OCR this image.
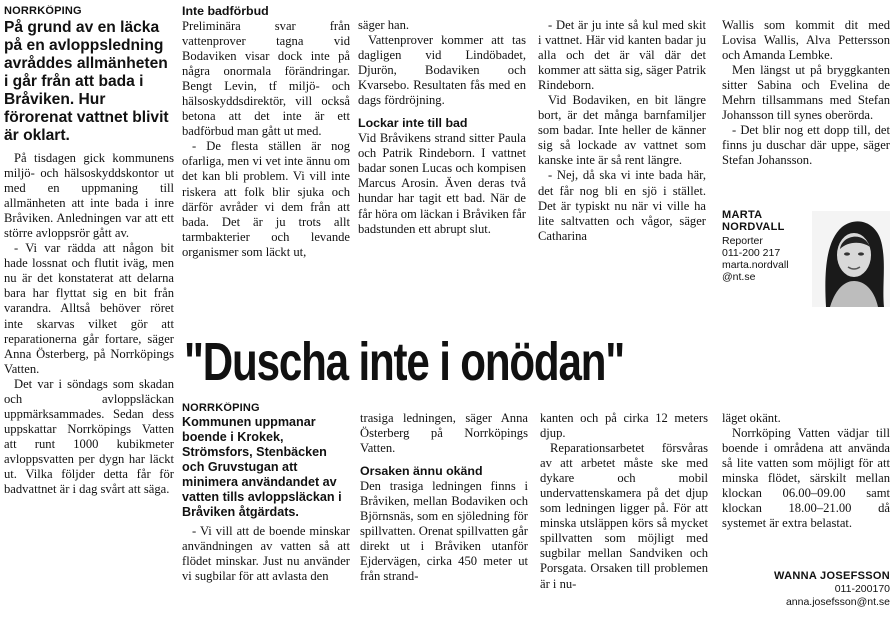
NORRKÖPING

På grund av en läcka på en avloppsledning avråddes allmänheten i går från att bada i Bråviken. Hur förorenat vattnet blivit är oklart.

På tisdagen gick kommunens miljö- och hälsoskyddskontor ut med en uppmaning till allmänheten att inte bada i inre Bråviken. Anledningen var att ett större avloppsrör gått av.

- Vi var rädda att någon bit hade lossnat och flutit iväg, men nu är det konstaterat att delarna bara har flyttat sig en bit från varandra. Alltså behöver röret inte skarvas vilket gör att reparationerna går fortare, säger Anna Österberg, på Norrköpings Vatten.

Det var i söndags som skadan och avloppsläckan uppmärksammades. Sedan dess uppskattar Norrköpings Vatten att runt 1000 kubikmeter avloppsvatten per dygn har läckt ut. Vilka följder detta får för badvattnet är i dag svårt att säga.

Inte badförbud

Preliminära svar från vattenprover tagna vid Bodaviken visar dock inte på några onormala förändringar. Bengt Levin, tf miljö- och hälsoskyddsdirektör, vill också betona att det inte är ett badförbud man gått ut med.

- De flesta ställen är nog ofarliga, men vi vet inte ännu om det kan bli problem. Vi vill inte riskera att folk blir sjuka och därför avråder vi dem från att bada. Det är ju trots allt tarmbakterier och levande organismer som läckt ut,

säger han.

Vattenprover kommer att tas dagligen vid Lindöbadet, Djurön, Bodaviken och Kvarsebo. Resultaten fås med en dags fördröjning.

Lockar inte till bad

Vid Bråvikens strand sitter Paula och Patrik Rindeborn. I vattnet badar sonen Lucas och kompisen Marcus Arosin. Även deras två hundar har tagit ett bad. När de får höra om läckan i Bråviken får badstunden ett abrupt slut.

- Det är ju inte så kul med skit i vattnet. Här vid kanten badar ju alla och det är väl där det kommer att sätta sig, säger Patrik Rindeborn.

Vid Bodaviken, en bit längre bort, är det många barnfamiljer som badar. Inte heller de känner sig så lockade av vattnet som kanske inte är så rent längre.

- Nej, då ska vi inte bada här, det får nog bli en sjö i stället. Det är typiskt nu när vi ville ha lite saltvatten och vågor, säger Catharina

Wallis som kommit dit med Lovisa Wallis, Alva Pettersson och Amanda Lembke.

Men längst ut på bryggkanten sitter Sabina och Evelina de Mehrn tillsammans med Stefan Johansson till synes oberörda.

- Det blir nog ett dopp till, det finns ju duschar där uppe, säger Stefan Johansson.

MARTA

NORDVALL

Reporter

011-200 217

marta.nordvall

@nt.se

"Duscha inte i onödan"

NORRKÖPING

Kommunen uppmanar boende i Krokek, Strömsfors, Stenbäcken och Gruvstugan att minimera användandet av vatten tills avloppsläckan i Bråviken åtgärdats.

- Vi vill att de boende minskar användningen av vatten så att flödet minskar. Just nu använder vi sugbilar för att avlasta den

trasiga ledningen, säger Anna Österberg på Norrköpings Vatten.

Orsaken ännu okänd

Den trasiga ledningen finns i Bråviken, mellan Bodaviken och Björnsnäs, som en sjöledning för spillvatten. Orenat spillvatten går direkt ut i Bråviken utanför Ejdervägen, cirka 450 meter ut från strand-

kanten och på cirka 12 meters djup.

Reparationsarbetet försvåras av att arbetet måste ske med dykare och mobil undervattenskamera på det djup som ledningen ligger på. För att minska utsläppen körs så mycket spillvatten som möjligt med sugbilar mellan Sandviken och Porsgata. Orsaken till problemen är i nu-

läget okänt.

Norrköping Vatten vädjar till boende i områdena att använda så lite vatten som möjligt för att minska flödet, särskilt mellan klockan 06.00–09.00 samt klockan 18.00–21.00 då systemet är extra belastat.

WANNA JOSEFSSON
011-200170
anna.josefsson@nt.se
